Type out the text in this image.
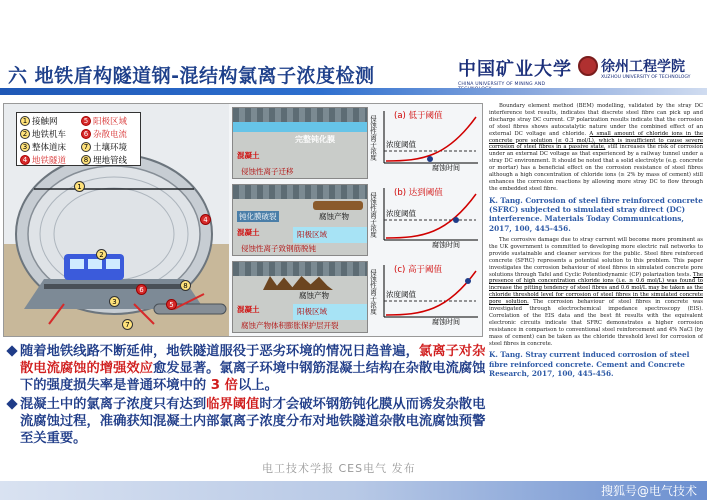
六 地铁盾构隧道钢-混结构氯离子浓度检测	中国矿业大学
CHINA UNIVERSITY OF MINING AND
徐州工程学院
XUZHOU UNIVERSITY OF TECHNOLOGY
1 接触网	5 阳极区域
2 地铁机车	6 杂散电流
3 整体道床	7 土壤环境
4 地铁隧道	8 埋地管线
1
2
3
4
5
6
7
8
完整钝化膜
混凝土
侵蚀性离子迁移
侵蚀性离子浓度 (a) 低于阈值
浓度阈值
腐蚀时间
钝化膜破裂	腐蚀产物
阳极区域
混凝土
侵蚀性离子致钢筋脱钝
侵蚀性离子浓度 (b) 达到阈值
浓度阈值
腐蚀时间
腐蚀产物
阳极区域
混凝土
腐蚀产物体积膨胀保护层开裂
侵蚀性离子浓度 (c) 高于阈值
浓度阈值
腐蚀时间
随着地铁线路不断延伸，地铁隧道服役于恶劣环境的情况日趋普遍，氯离子对杂散电流腐蚀的增强效应愈发显著。氯离子环境中钢筋混凝土结构在杂散电流腐蚀下的强度损失率是普通环境中的 3 倍以上。
混凝土中的氯离子浓度只有达到临界阈值时才会破坏钢筋钝化膜从而诱发杂散电流腐蚀过程，准确获知混凝土内部氯离子浓度分布对地铁隧道杂散电流腐蚀预警至关重要。
Boundary element method (BEM) modelling, validated by the stray DC interference test results, indicates that discrete steel fibre can pick up and discharge stray DC current. CP polarization results indicate that the corrosion of steel fibres shows autocatalytic nature under the combined effect of an external DC voltage and chloride. A small amount of chloride ions in the concrete pore solution (≤ 0.3 mol/L), which is insufficient to cause severe corrosion of steel fibres in a passive state, still increases the risk of corrosion under an external DC voltage as that experienced by a railway tunnel under a stray DC environment. It should be noted that a solid electrolyte (e.g. concrete or mortar) has a beneficial effect on the corrosion resistance of steel fibres although a high concentration of chloride ions (≥ 2% by mass of cement) still enhances the corrosion reactions by allowing more stray DC to flow through the embedded steel fibre.
K. Tang. Corrosion of steel fibre reinforced concrete (SFRC) subjected to simulated stray direct (DC) interference. Materials Today Communications, 2017, 100, 445-456.
The corrosive damage due to stray current will become more prominent as the UK government is committed to developing more electric rail networks to provide sustainable and cleaner services for the public. Steel fibre reinforced concrete (SFRC) represents a potential solution to this problem. This paper investigates the corrosion behaviour of steel fibres in simulated concrete pore solutions through Tafel and Cyclic Potentiodynamic (CP) polarization tests. The presence of high concentration chloride ions (i.e. ≥ 0.6 mol/L) was found to increase the pitting tendency of steel fibres and 0.6 mol/L may be taken as the chloride threshold level for corrosion of steel fibres in the simulated concrete pore solution. The corrosion behaviour of steel fibres in concrete was investigated through electrochemical impedance spectroscopy (EIS). Correlation of the EIS data and the best fit results with the equivalent electronic circuits indicate that SFRC demonstrates a higher corrosion resistance in comparison to conventional steel reinforcement and 4% NaCl (by mass of cement) can be taken as the chloride threshold level for corrosion of steel fibres in concrete.
K. Tang. Stray current induced corrosion of steel fibre reinforced concrete. Cement and Concrete Research, 2017, 100, 445-456.
电工技术学报 CES电气 发布
搜狐号@电气技术
